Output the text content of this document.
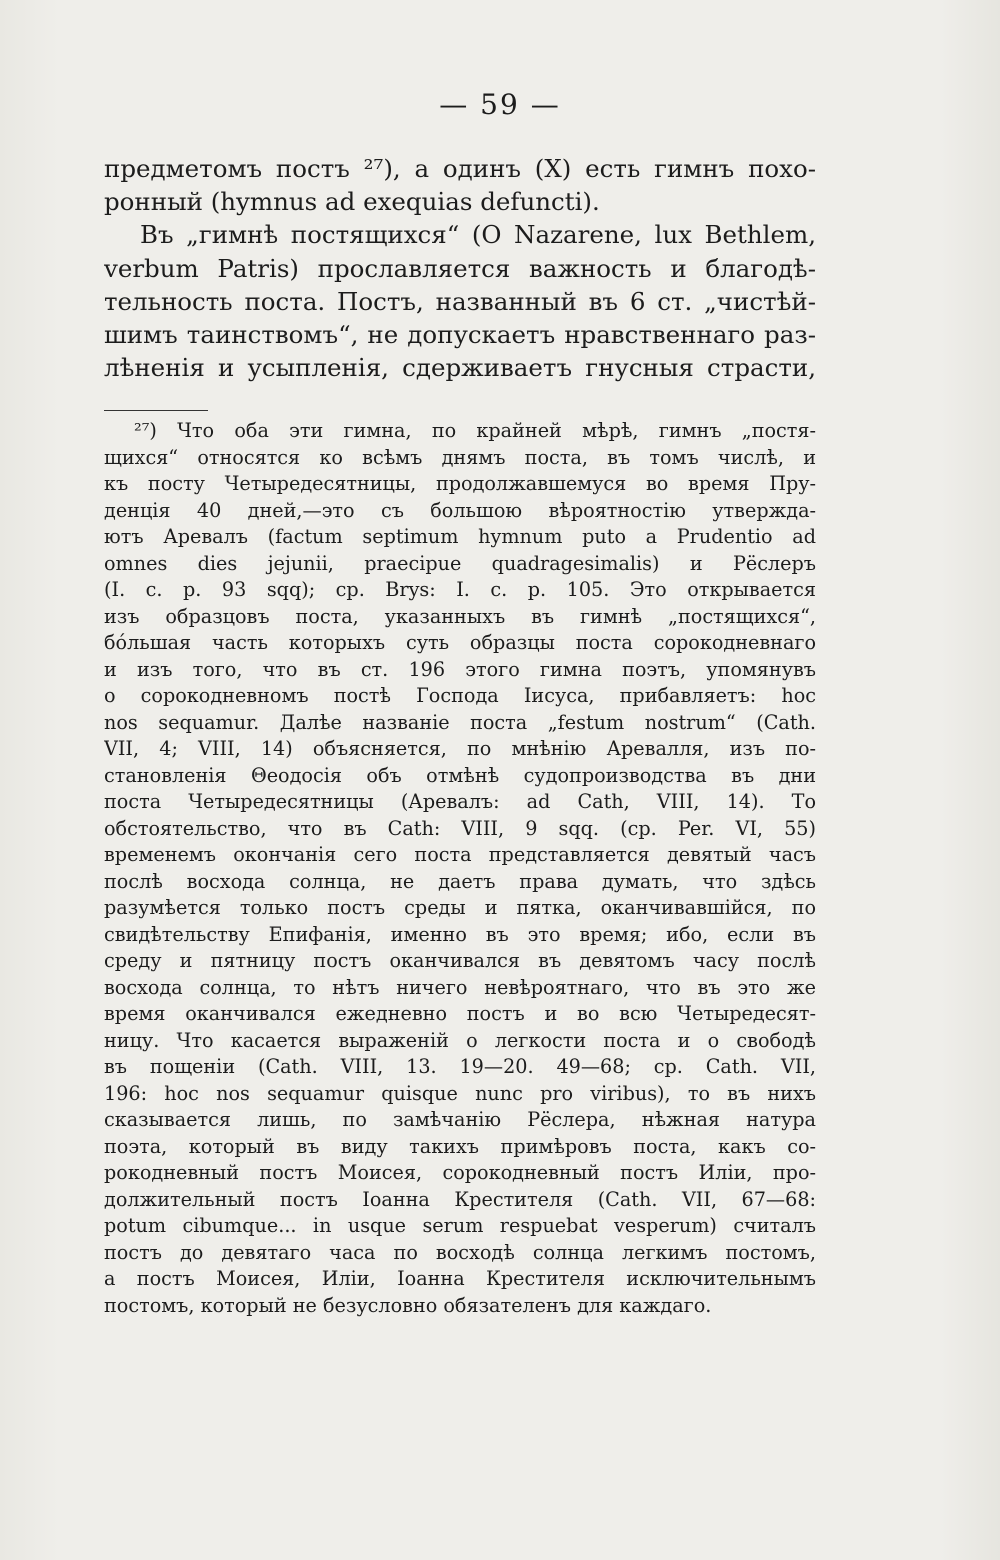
— 59 —
предметомъ постъ ²⁷), а одинъ (X) есть гимнъ похо-
ронный (hymnus ad exequias defuncti).
Въ „гимнѣ постящихся“ (O Nazarene, lux Bethlem,
verbum Patris) прославляется важность и благодѣ-
тельность поста. Постъ, названный въ 6 ст. „чистѣй-
шимъ таинствомъ“, не допускаетъ нравственнаго раз-
лѣненія и усыпленія, сдерживаетъ гнусныя страсти,
²⁷) Что оба эти гимна, по крайней мѣрѣ, гимнъ „постя-
щихся“ относятся ко всѣмъ днямъ поста, въ томъ числѣ, и
къ посту Четыредесятницы, продолжавшемуся во время Пру-
денція 40 дней,—это съ большою вѣроятностію утвержда-
ютъ Аревалъ (factum septimum hymnum puto a Prudentio ad
omnes dies jejunii, praecipue quadragesimalis) и Рёслеръ
(I. c. p. 93 sqq); ср. Brys: I. c. p. 105. Это открывается
изъ образцовъ поста, указанныхъ въ гимнѣ „постящихся“,
бóльшая часть которыхъ суть образцы поста сорокодневнаго
и изъ того, что въ ст. 196 этого гимна поэтъ, упомянувъ
о сорокодневномъ постѣ Господа Іисуса, прибавляетъ: hoc
nos sequamur. Далѣе названіе поста „festum nostrum“ (Cath.
VII, 4; VIII, 14) объясняется, по мнѣнію Аревалля, изъ по-
становленія Θеодосія объ отмѣнѣ судопроизводства въ дни
поста Четыредесятницы (Аревалъ: ad Cath, VIII, 14). То
обстоятельство, что въ Cath: VIII, 9 sqq. (ср. Per. VI, 55)
временемъ окончанія сего поста представляется девятый часъ
послѣ восхода солнца, не даетъ права думать, что здѣсь
разумѣется только постъ среды и пятка, оканчивавшійся, по
свидѣтельству Епифанія, именно въ это время; ибо, если въ
среду и пятницу постъ оканчивался въ девятомъ часу послѣ
восхода солнца, то нѣтъ ничего невѣроятнаго, что въ это же
время оканчивался ежедневно постъ и во всю Четыредесят-
ницу. Что касается выраженій о легкости поста и о свободѣ
въ пощеніи (Cath. VIII, 13. 19—20. 49—68; ср. Cath. VII,
196: hoc nos sequamur quisque nunc pro viribus), то въ нихъ
сказывается лишь, по замѣчанію Рёслера, нѣжная натура
поэта, который въ виду такихъ примѣровъ поста, какъ со-
рокодневный постъ Моисея, сорокодневный постъ Иліи, про-
должительный постъ Іоанна Крестителя (Cath. VII, 67—68:
potum cibumque... in usque serum respuebat vesperum) считалъ
постъ до девятаго часа по восходѣ солнца легкимъ постомъ,
а постъ Моисея, Иліи, Іоанна Крестителя исключительнымъ
постомъ, который не безусловно обязателенъ для каждаго.
